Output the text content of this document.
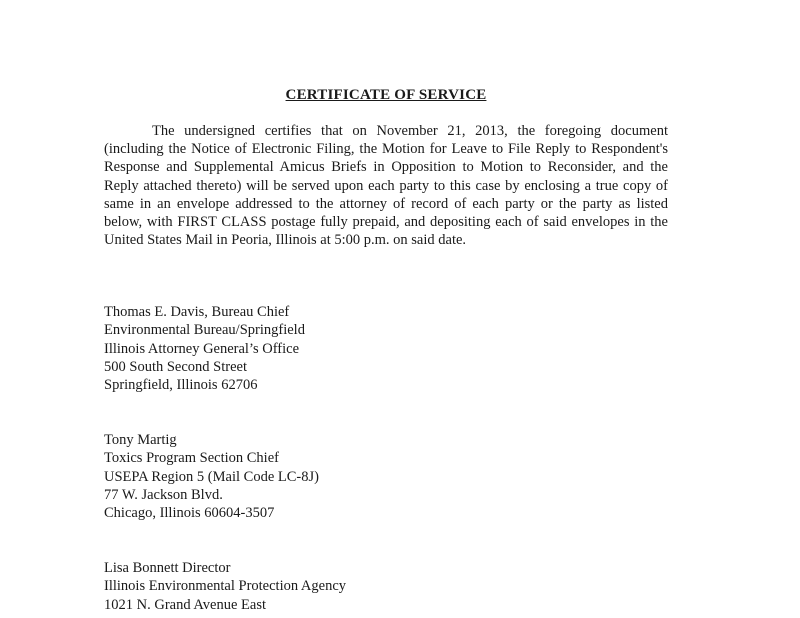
CERTIFICATE OF SERVICE
The undersigned certifies that on November 21, 2013, the foregoing document (including the Notice of Electronic Filing, the Motion for Leave to File Reply to Respondent's Response and Supplemental Amicus Briefs in Opposition to Motion to Reconsider, and the Reply attached thereto) will be served upon each party to this case by enclosing a true copy of same in an envelope addressed to the attorney of record of each party or the party as listed below, with FIRST CLASS postage fully prepaid, and depositing each of said envelopes in the United States Mail in Peoria, Illinois at 5:00 p.m. on said date.
Thomas E. Davis, Bureau Chief
Environmental Bureau/Springfield
Illinois Attorney General’s Office
500 South Second Street
Springfield, Illinois 62706
Tony Martig
Toxics Program Section Chief
USEPA Region 5 (Mail Code LC-8J)
77 W. Jackson Blvd.
Chicago, Illinois 60604-3507
Lisa Bonnett Director
Illinois Environmental Protection Agency
1021 N. Grand Avenue East
